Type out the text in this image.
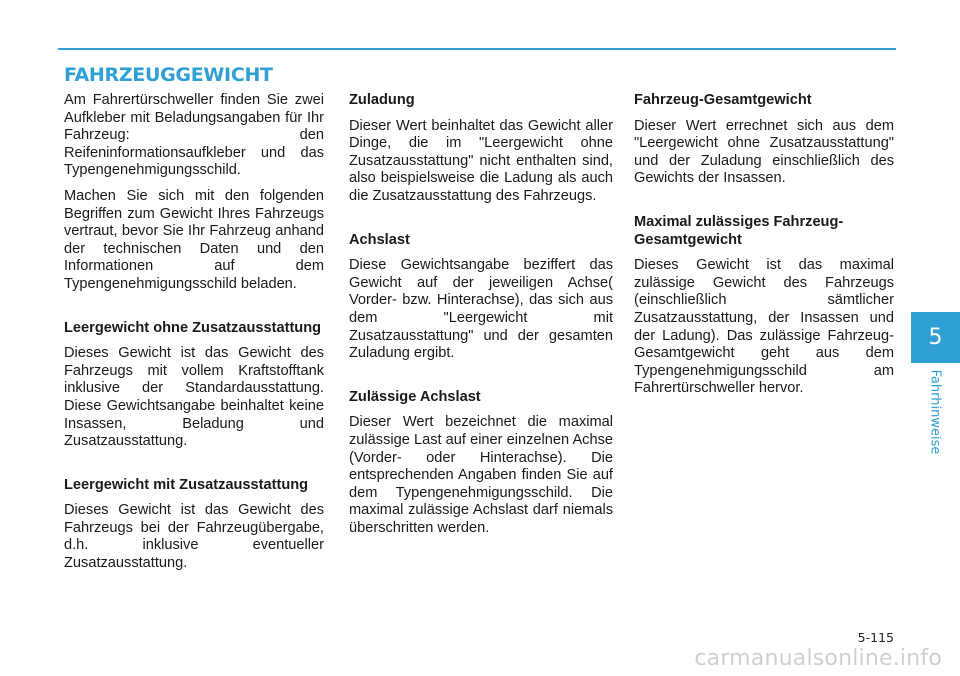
FAHRZEUGGEWICHT

Am Fahrertürschweller finden Sie zwei Aufkleber mit Beladungsangaben für Ihr Fahrzeug: den Reifeninformationsaufkleber und das Typengenehmigungsschild.

Machen Sie sich mit den folgenden Begriffen zum Gewicht Ihres Fahrzeugs vertraut, bevor Sie Ihr Fahrzeug anhand der technischen Daten und den Informationen auf dem Typengenehmigungsschild beladen.

Leergewicht ohne Zusatzausstattung

Dieses Gewicht ist das Gewicht des Fahrzeugs mit vollem Kraftstofftank inklusive der Standardausstattung. Diese Gewichtsangabe beinhaltet keine Insassen, Beladung und Zusatzausstattung.

Leergewicht mit Zusatzausstattung

Dieses Gewicht ist das Gewicht des Fahrzeugs bei der Fahrzeugübergabe, d.h. inklusive eventueller Zusatzausstattung.

Zuladung

Dieser Wert beinhaltet das Gewicht aller Dinge, die im "Leergewicht ohne Zusatzausstattung" nicht enthalten sind, also beispielsweise die Ladung als auch die Zusatzausstattung des Fahrzeugs.

Achslast

Diese Gewichtsangabe beziffert das Gewicht auf der jeweiligen Achse( Vorder- bzw. Hinterachse), das sich aus dem "Leergewicht mit Zusatzausstattung" und der gesamten Zuladung ergibt.

Zulässige Achslast

Dieser Wert bezeichnet die maximal zulässige Last auf einer einzelnen Achse (Vorder- oder Hinterachse). Die entsprechenden Angaben finden Sie auf dem Typengenehmigungsschild. Die maximal zulässige Achslast darf niemals überschritten werden.

Fahrzeug-Gesamtgewicht

Dieser Wert errechnet sich aus dem "Leergewicht ohne Zusatzausstattung" und der Zuladung einschließlich des Gewichts der Insassen.

Maximal zulässiges Fahrzeug-Gesamtgewicht

Dieses Gewicht ist das maximal zulässige Gewicht des Fahrzeugs (einschließlich sämtlicher Zusatzausstattung, der Insassen und der Ladung). Das zulässige Fahrzeug-Gesamtgewicht geht aus dem Typengenehmigungsschild am Fahrertürschweller hervor.

5
Fahrhinweise
5-115
carmanualsonline.info
